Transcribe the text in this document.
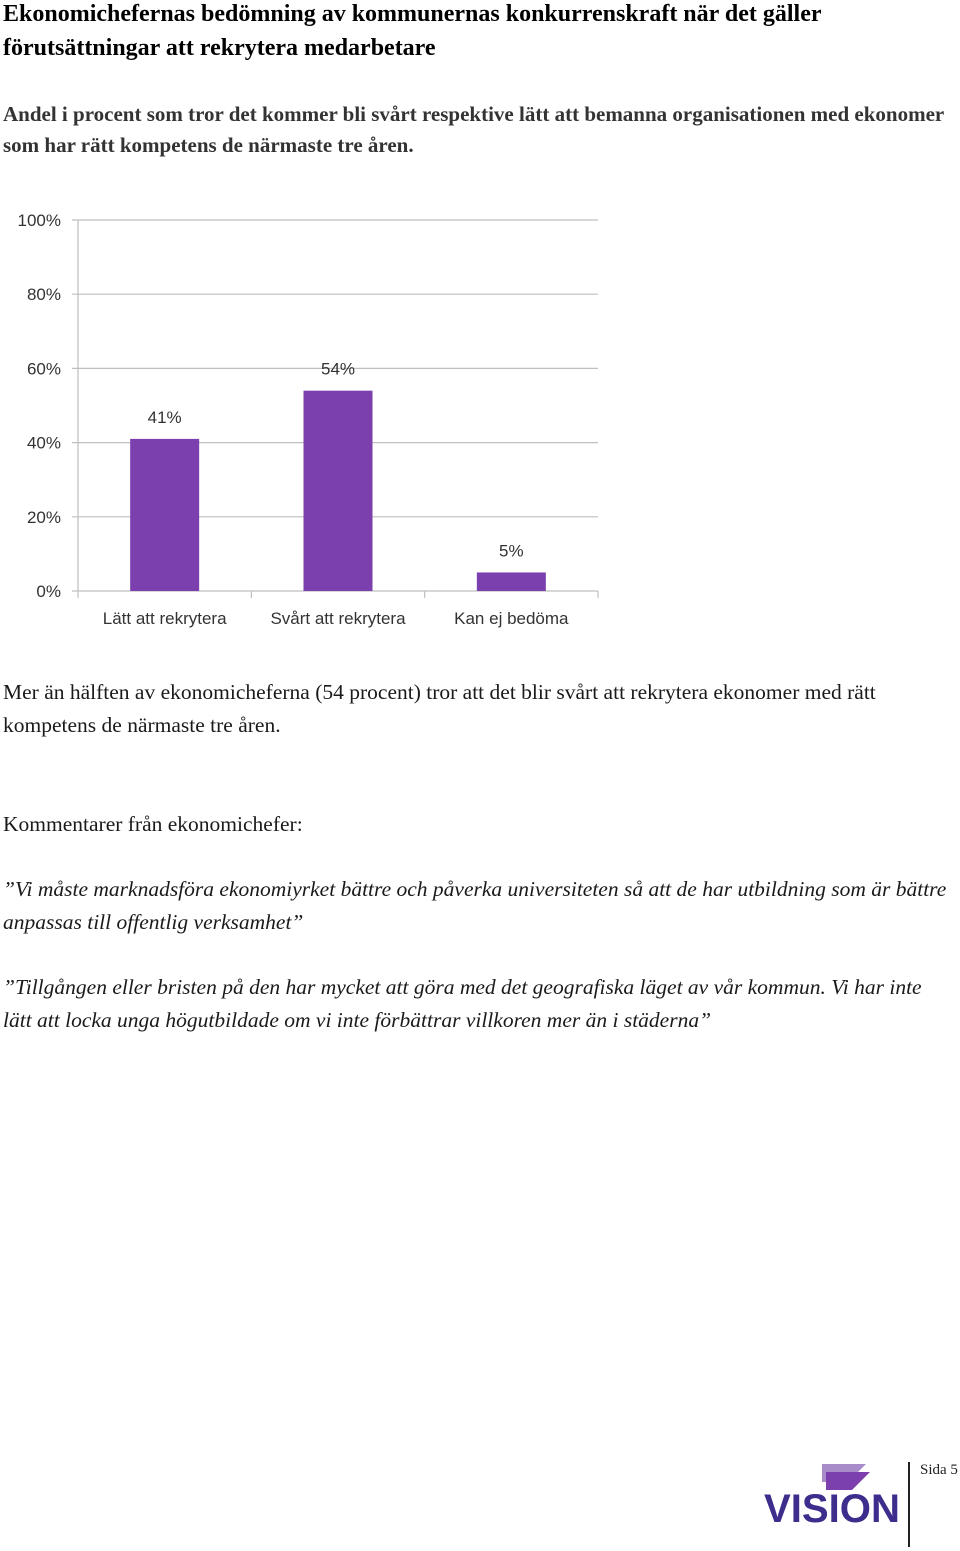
Ekonomichefernas bedömning av kommunernas konkurrenskraft när det gäller förutsättningar att rekrytera medarbetare
Andel i procent som tror det kommer bli svårt respektive lätt att bemanna organisationen med ekonomer som har rätt kompetens de närmaste tre åren.
0%
20%
40%
60%
80%
100%
41%
Lätt att rekrytera
54%
Svårt att rekrytera
5%
Kan ej bedöma

Mer än hälften av ekonomicheferna (54 procent) tror att det blir svårt att rekrytera ekonomer med rätt kompetens de närmaste tre åren.

Kommentarer från ekonomichefer:

”Vi måste marknadsföra ekonomiyrket bättre och påverka universiteten så att de har utbildning som är bättre anpassas till offentlig verksamhet”

”Tillgången eller bristen på den har mycket att göra med det geografiska läget av vår kommun. Vi har inte lätt att locka unga högutbildade om vi inte förbättrar villkoren mer än i städerna”

VISION
Sida 5
